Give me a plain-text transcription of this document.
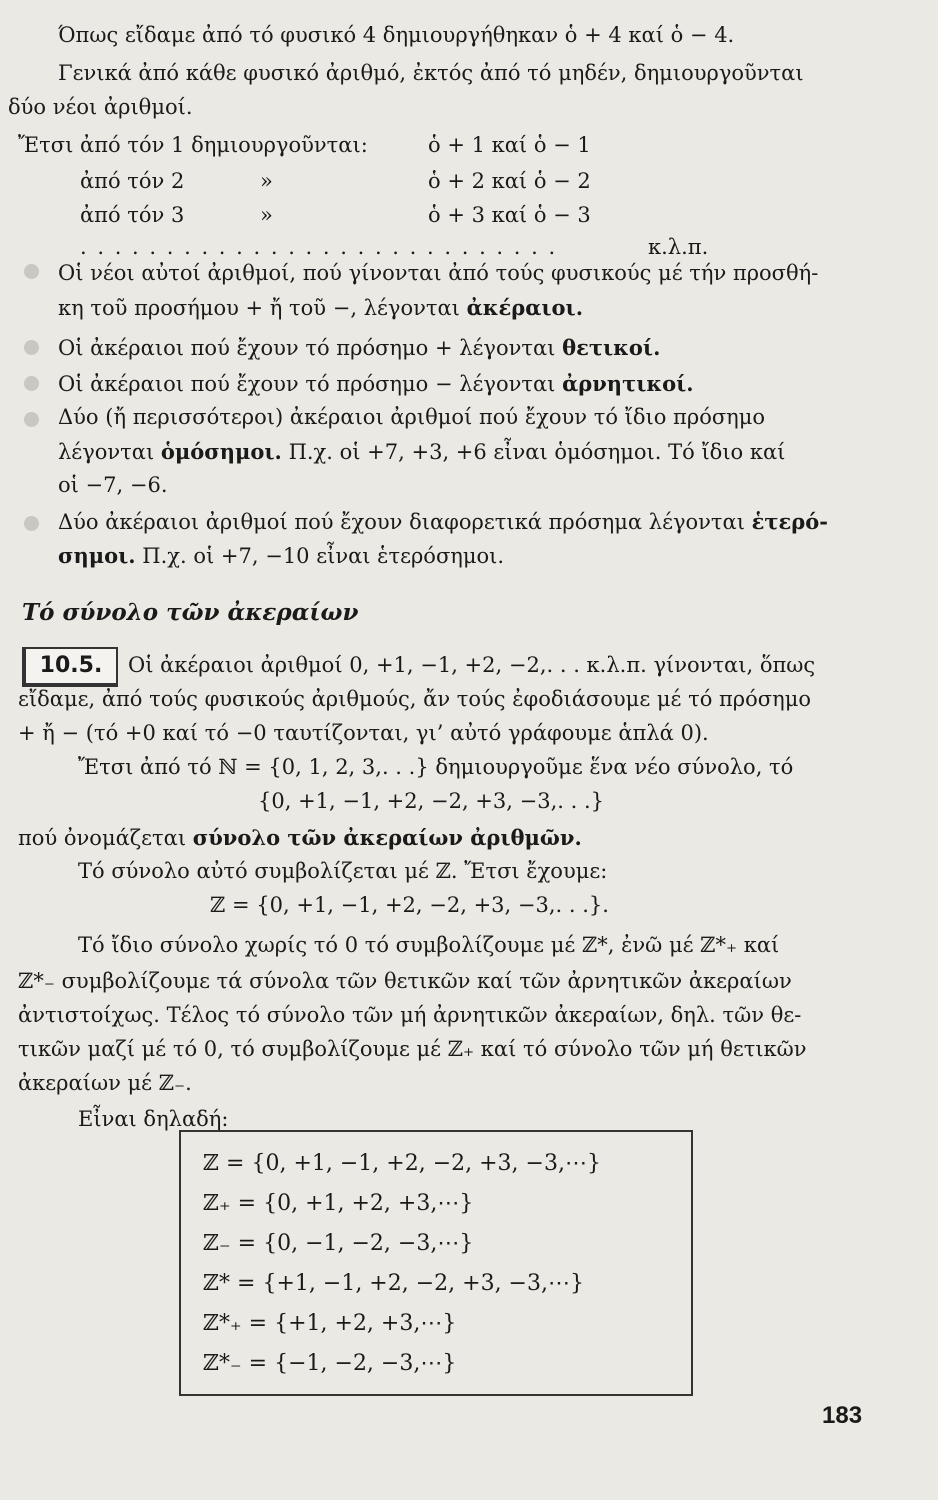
Όπως εἴδαμε ἀπό τό φυσικό 4 δημιουργήθηκαν ὁ + 4 καί ὁ − 4.
Γενικά ἀπό κάθε φυσικό ἀριθμό, ἐκτός ἀπό τό μηδέν, δημιουργοῦνται
δύο νέοι ἀριθμοί.
Ἔτσι ἀπό τόν 1 δημιουργοῦνται:	ὁ + 1 καί ὁ − 1
ἀπό τόν 2	»	ὁ + 2 καί ὁ − 2
ἀπό τόν 3	»	ὁ + 3 καί ὁ − 3
. . . . . . . . . . . . . . . . . . . . . . . . . . . .	κ.λ.π.
Οἱ νέοι αὐτοί ἀριθμοί, πού γίνονται ἀπό τούς φυσικούς μέ τήν προσθή-
κη τοῦ προσήμου + ἤ τοῦ −, λέγονται ἀκέραιοι.
Οἱ ἀκέραιοι πού ἔχουν τό πρόσημο + λέγονται θετικοί.
Οἱ ἀκέραιοι πού ἔχουν τό πρόσημο − λέγονται ἀρνητικοί.
Δύο (ἤ περισσότεροι) ἀκέραιοι ἀριθμοί πού ἔχουν τό ἴδιο πρόσημο
λέγονται ὁμόσημοι. Π.χ. οἱ +7, +3, +6 εἶναι ὁμόσημοι. Τό ἴδιο καί
οἱ −7, −6.
Δύο ἀκέραιοι ἀριθμοί πού ἔχουν διαφορετικά πρόσημα λέγονται ἑτερό-
σημοι. Π.χ. οἱ +7, −10 εἶναι ἑτερόσημοι.
Τό σύνολο τῶν ἀκεραίων
10.5.	Οἱ ἀκέραιοι ἀριθμοί 0, +1, −1, +2, −2,. . . κ.λ.π. γίνονται, ὅπως
εἴδαμε, ἀπό τούς φυσικούς ἀριθμούς, ἄν τούς ἐφοδιάσουμε μέ τό πρόσημο
+ ἤ − (τό +0 καί τό −0 ταυτίζονται, γι’ αὐτό γράφουμε ἁπλά 0).
Ἔτσι ἀπό τό ℕ = {0, 1, 2, 3,. . .} δημιουργοῦμε ἕνα νέο σύνολο, τό
{0, +1, −1, +2, −2, +3, −3,. . .}
πού ὀνομάζεται σύνολο τῶν ἀκεραίων ἀριθμῶν.
Τό σύνολο αὐτό συμβολίζεται μέ ℤ. Ἔτσι ἔχουμε:
ℤ = {0, +1, −1, +2, −2, +3, −3,. . .}.
Τό ἴδιο σύνολο χωρίς τό 0 τό συμβολίζουμε μέ ℤ*, ἐνῶ μέ ℤ*₊ καί
ℤ*₋ συμβολίζουμε τά σύνολα τῶν θετικῶν καί τῶν ἀρνητικῶν ἀκεραίων
ἀντιστοίχως. Τέλος τό σύνολο τῶν μή ἀρνητικῶν ἀκεραίων, δηλ. τῶν θε-
τικῶν μαζί μέ τό 0, τό συμβολίζουμε μέ ℤ₊ καί τό σύνολο τῶν μή θετικῶν
ἀκεραίων μέ ℤ₋.
Εἶναι δηλαδή:
ℤ = {0, +1, −1, +2, −2, +3, −3,⋯}
ℤ₊ = {0, +1, +2, +3,⋯}
ℤ₋ = {0, −1, −2, −3,⋯}
ℤ* = {+1, −1, +2, −2, +3, −3,⋯}
ℤ*₊ = {+1, +2, +3,⋯}
ℤ*₋ = {−1, −2, −3,⋯}
183
